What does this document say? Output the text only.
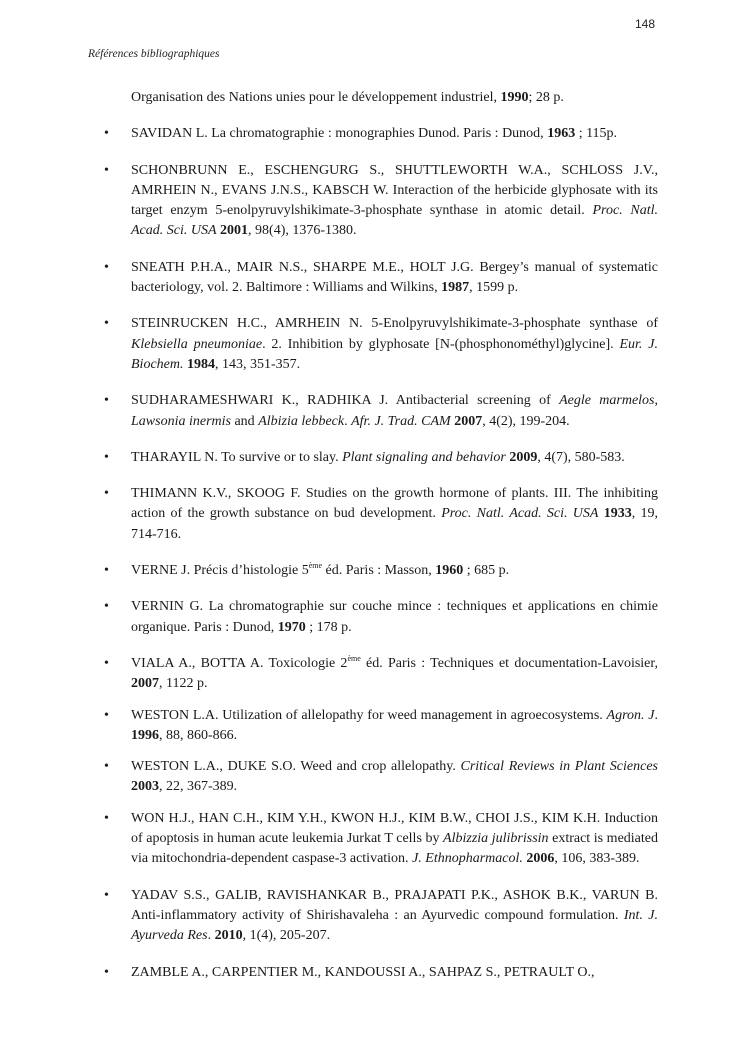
148
Références bibliographiques

Organisation des Nations unies pour le développement industriel, 1990; 28 p.

• SAVIDAN L. La chromatographie : monographies Dunod. Paris : Dunod, 1963 ; 115p.
• SCHONBRUNN E., ESCHENGURG S., SHUTTLEWORTH W.A., SCHLOSS J.V., AMRHEIN N., EVANS J.N.S., KABSCH W. Interaction of the herbicide glyphosate with its target enzym 5-enolpyruvylshikimate-3-phosphate synthase in atomic detail. Proc. Natl. Acad. Sci. USA 2001, 98(4), 1376-1380.
• SNEATH P.H.A., MAIR N.S., SHARPE M.E., HOLT J.G. Bergey’s manual of systematic bacteriology, vol. 2. Baltimore : Williams and Wilkins, 1987, 1599 p.
• STEINRUCKEN H.C., AMRHEIN N. 5-Enolpyruvylshikimate-3-phosphate synthase of Klebsiella pneumoniae. 2. Inhibition by glyphosate [N-(phosphonométhyl)glycine]. Eur. J. Biochem. 1984, 143, 351-357.
• SUDHARAMESHWARI K., RADHIKA J. Antibacterial screening of Aegle marmelos, Lawsonia inermis and Albizia lebbeck. Afr. J. Trad. CAM 2007, 4(2), 199-204.
• THARAYIL N. To survive or to slay. Plant signaling and behavior 2009, 4(7), 580-583.
• THIMANN K.V., SKOOG F. Studies on the growth hormone of plants. III. The inhibiting action of the growth substance on bud development. Proc. Natl. Acad. Sci. USA 1933, 19, 714-716.
• VERNE J. Précis d’histologie 5ème éd. Paris : Masson, 1960 ; 685 p.
• VERNIN G. La chromatographie sur couche mince : techniques et applications en chimie organique. Paris : Dunod, 1970 ; 178 p.
• VIALA A., BOTTA A. Toxicologie 2ème éd. Paris : Techniques et documentation-Lavoisier, 2007, 1122 p.
• WESTON L.A. Utilization of allelopathy for weed management in agroecosystems. Agron. J. 1996, 88, 860-866.
• WESTON L.A., DUKE S.O. Weed and crop allelopathy. Critical Reviews in Plant Sciences 2003, 22, 367-389.
• WON H.J., HAN C.H., KIM Y.H., KWON H.J., KIM B.W., CHOI J.S., KIM K.H. Induction of apoptosis in human acute leukemia Jurkat T cells by Albizzia julibrissin extract is mediated via mitochondria-dependent caspase-3 activation. J. Ethnopharmacol. 2006, 106, 383-389.
• YADAV S.S., GALIB, RAVISHANKAR B., PRAJAPATI P.K., ASHOK B.K., VARUN B. Anti-inflammatory activity of Shirishavaleha : an Ayurvedic compound formulation. Int. J. Ayurveda Res. 2010, 1(4), 205-207.
• ZAMBLE A., CARPENTIER M., KANDOUSSI A., SAHPAZ S., PETRAULT O.,
